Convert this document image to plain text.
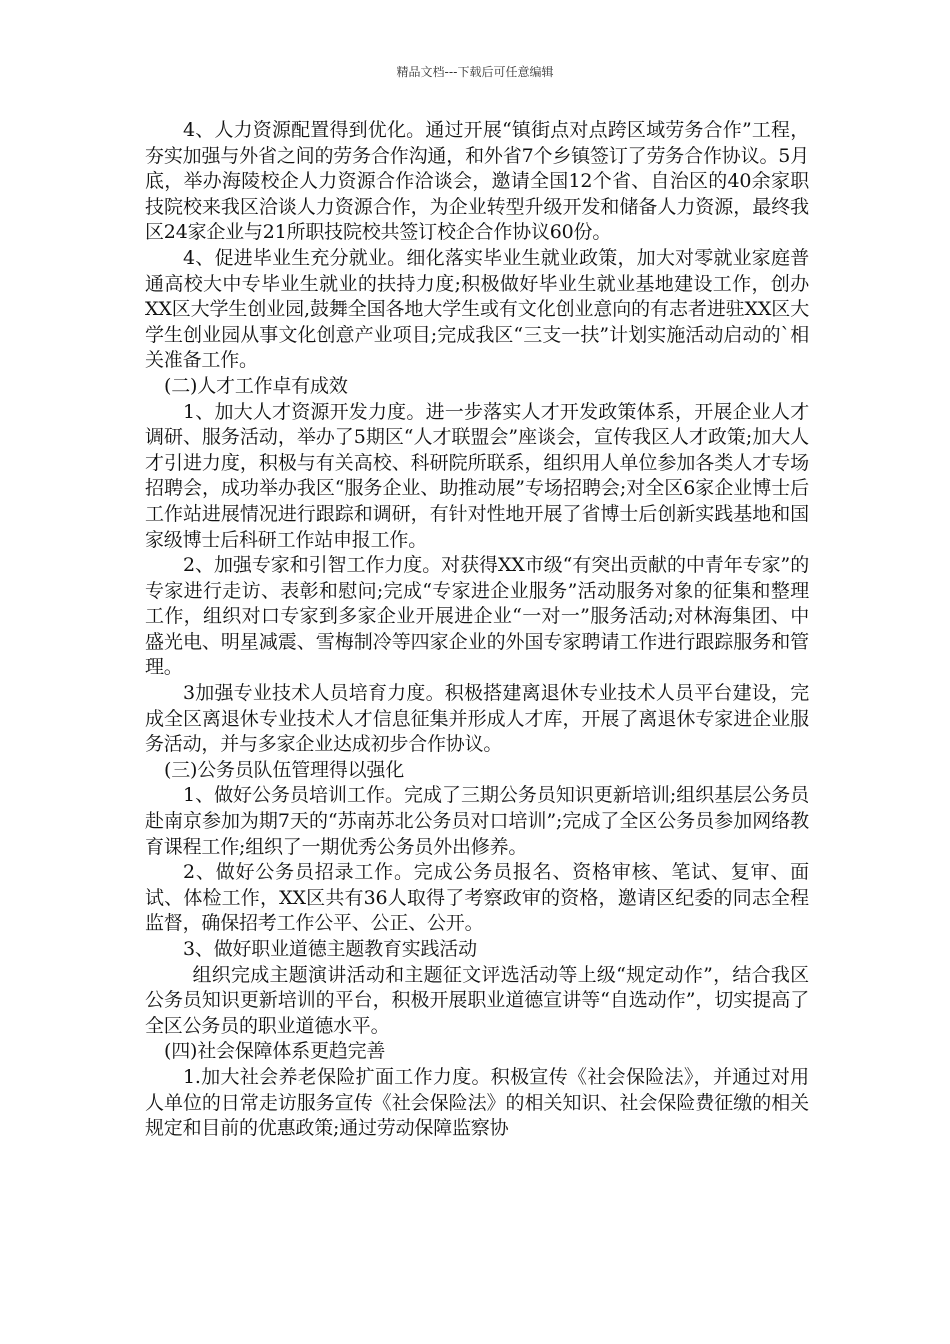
精品文档---下载后可任意编辑

4、人力资源配置得到优化。通过开展“镇街点对点跨区域劳务合作”工程，夯实加强与外省之间的劳务合作沟通，和外省7个乡镇签订了劳务合作协议。5月底，举办海陵校企人力资源合作洽谈会，邀请全国12个省、自治区的40余家职技院校来我区洽谈人力资源合作，为企业转型升级开发和储备人力资源，最终我区24家企业与21所职技院校共签订校企合作协议60份。

4、促进毕业生充分就业。细化落实毕业生就业政策，加大对零就业家庭普通高校大中专毕业生就业的扶持力度;积极做好毕业生就业基地建设工作，创办XX区大学生创业园,鼓舞全国各地大学生或有文化创业意向的有志者进驻XX区大学生创业园从事文化创意产业项目;完成我区“三支一扶”计划实施活动启动的`相关准备工作。

(二)人才工作卓有成效

1、加大人才资源开发力度。进一步落实人才开发政策体系，开展企业人才调研、服务活动，举办了5期区“人才联盟会”座谈会，宣传我区人才政策;加大人才引进力度，积极与有关高校、科研院所联系，组织用人单位参加各类人才专场招聘会，成功举办我区“服务企业、助推动展”专场招聘会;对全区6家企业博士后工作站进展情况进行跟踪和调研，有针对性地开展了省博士后创新实践基地和国家级博士后科研工作站申报工作。

2、加强专家和引智工作力度。对获得XX市级“有突出贡献的中青年专家”的专家进行走访、表彰和慰问;完成“专家进企业服务”活动服务对象的征集和整理工作，组织对口专家到多家企业开展进企业“一对一”服务活动;对林海集团、中盛光电、明星减震、雪梅制冷等四家企业的外国专家聘请工作进行跟踪服务和管理。

3加强专业技术人员培育力度。积极搭建离退休专业技术人员平台建设，完成全区离退休专业技术人才信息征集并形成人才库，开展了离退休专家进企业服务活动，并与多家企业达成初步合作协议。

(三)公务员队伍管理得以强化

1、做好公务员培训工作。完成了三期公务员知识更新培训;组织基层公务员赴南京参加为期7天的“苏南苏北公务员对口培训”;完成了全区公务员参加网络教育课程工作;组织了一期优秀公务员外出修养。

2、做好公务员招录工作。完成公务员报名、资格审核、笔试、复审、面试、体检工作，XX区共有36人取得了考察政审的资格，邀请区纪委的同志全程监督，确保招考工作公平、公正、公开。

3、做好职业道德主题教育实践活动

组织完成主题演讲活动和主题征文评选活动等上级“规定动作”，结合我区公务员知识更新培训的平台，积极开展职业道德宣讲等“自选动作”，切实提高了全区公务员的职业道德水平。

(四)社会保障体系更趋完善

1.加大社会养老保险扩面工作力度。积极宣传《社会保险法》，并通过对用人单位的日常走访服务宣传《社会保险法》的相关知识、社会保险费征缴的相关规定和目前的优惠政策;通过劳动保障监察协
